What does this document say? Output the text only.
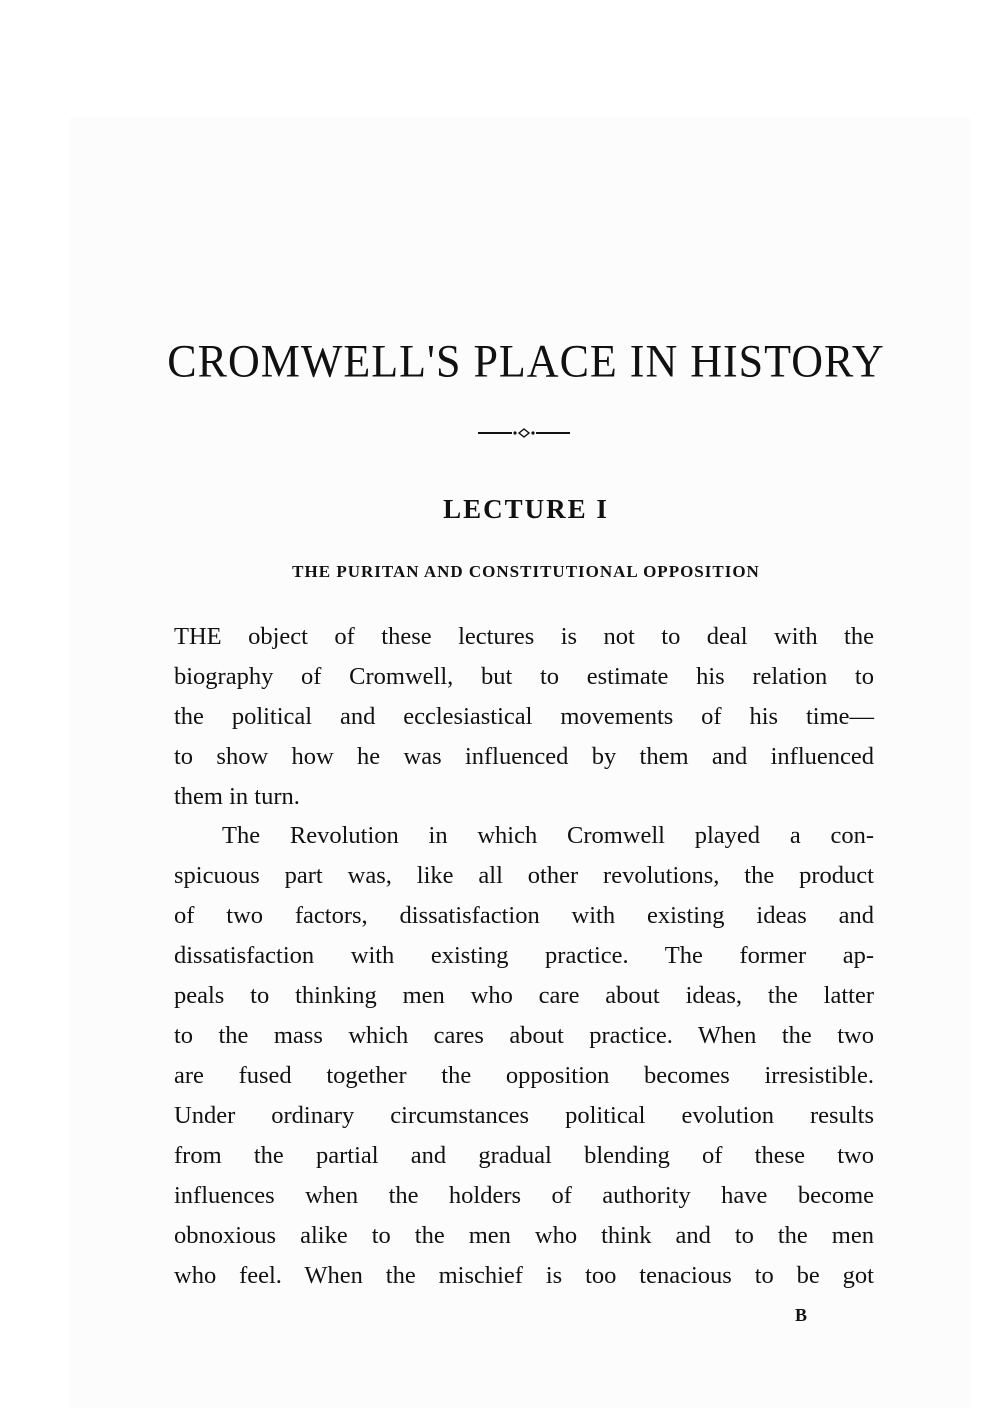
CROMWELL'S PLACE IN HISTORY
LECTURE I
THE PURITAN AND CONSTITUTIONAL OPPOSITION

THE object of these lectures is not to deal with the
biography of Cromwell, but to estimate his relation to
the political and ecclesiastical movements of his time—
to show how he was influenced by them and influenced
them in turn.

The Revolution in which Cromwell played a con-
spicuous part was, like all other revolutions, the product
of two factors, dissatisfaction with existing ideas and
dissatisfaction with existing practice. The former ap-
peals to thinking men who care about ideas, the latter
to the mass which cares about practice. When the two
are fused together the opposition becomes irresistible.
Under ordinary circumstances political evolution results
from the partial and gradual blending of these two
influences when the holders of authority have become
obnoxious alike to the men who think and to the men
who feel. When the mischief is too tenacious to be got

B
